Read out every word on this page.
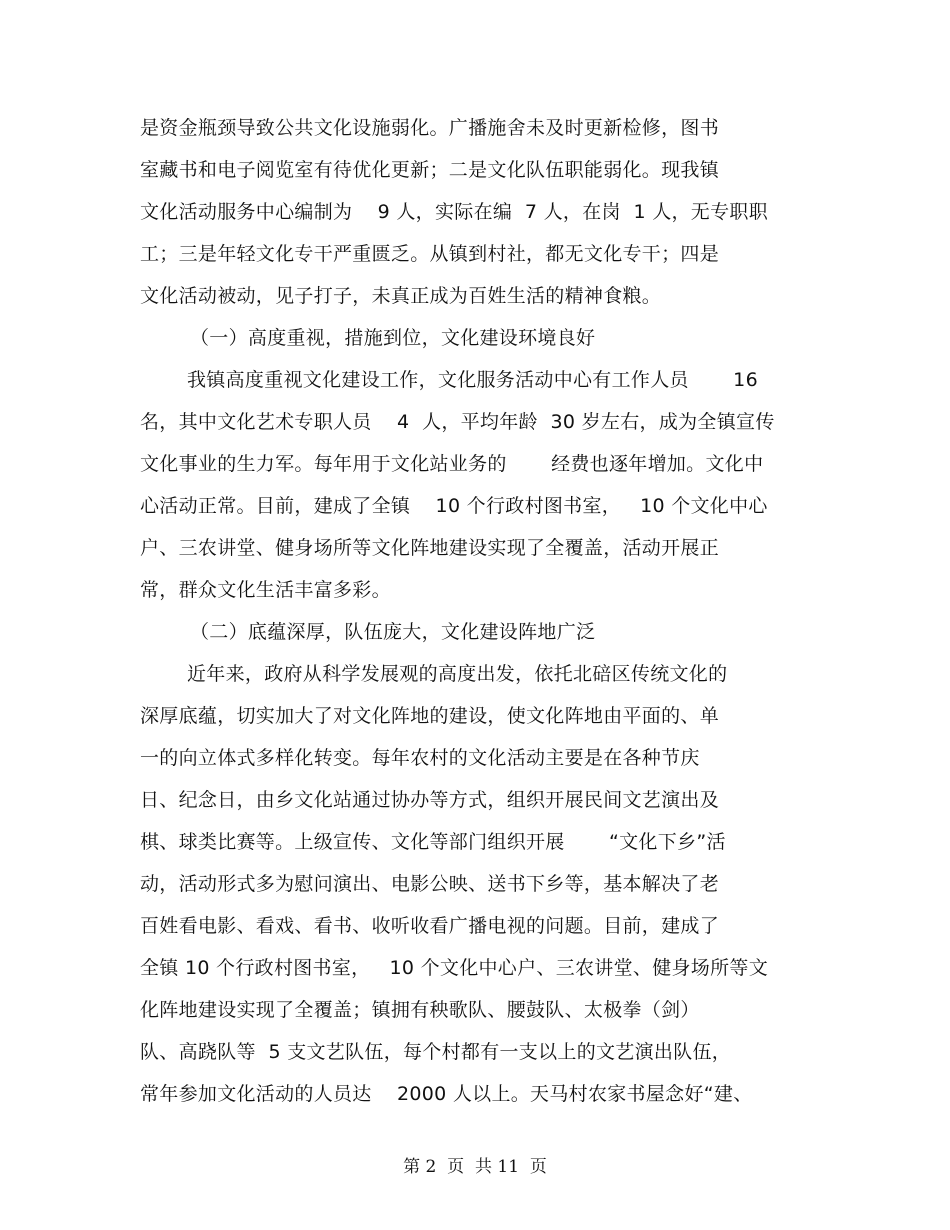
是资金瓶颈导致公共文化设施弱化。广播施舍未及时更新检修，图书
室藏书和电子阅览室有待优化更新；二是文化队伍职能弱化。现我镇
文化活动服务中心编制为    9 人，实际在编  7 人，在岗  1 人，无专职职
工；三是年轻文化专干严重匮乏。从镇到村社，都无文化专干；四是
文化活动被动，见子打子，未真正成为百姓生活的精神食粮。
（一）高度重视，措施到位，文化建设环境良好
我镇高度重视文化建设工作，文化服务活动中心有工作人员       16
名，其中文化艺术专职人员    4  人，平均年龄  30 岁左右，成为全镇宣传
文化事业的生力军。每年用于文化站业务的       经费也逐年增加。文化中
心活动正常。目前，建成了全镇    10 个行政村图书室，   10 个文化中心
户、三农讲堂、健身场所等文化阵地建设实现了全覆盖，活动开展正
常，群众文化生活丰富多彩。
（二）底蕴深厚，队伍庞大，文化建设阵地广泛
近年来，政府从科学发展观的高度出发，依托北碚区传统文化的
深厚底蕴，切实加大了对文化阵地的建设，使文化阵地由平面的、单
一的向立体式多样化转变。每年农村的文化活动主要是在各种节庆
日、纪念日，由乡文化站通过协办等方式，组织开展民间文艺演出及
棋、球类比赛等。上级宣传、文化等部门组织开展       “文化下乡”活
动，活动形式多为慰问演出、电影公映、送书下乡等，基本解决了老
百姓看电影、看戏、看书、收听收看广播电视的问题。目前，建成了
全镇 10 个行政村图书室，   10 个文化中心户、三农讲堂、健身场所等文
化阵地建设实现了全覆盖；镇拥有秧歌队、腰鼓队、太极拳（剑）
队、高跷队等  5 支文艺队伍，每个村都有一支以上的文艺演出队伍，
常年参加文化活动的人员达    2000 人以上。天马村农家书屋念好“建、
第 2  页  共 11  页
